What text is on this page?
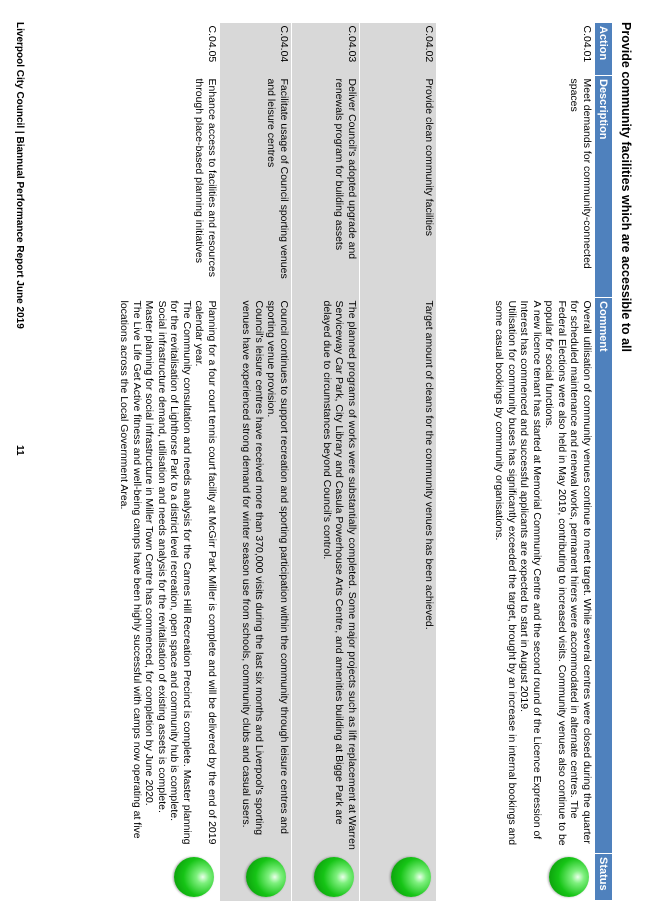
Provide community facilities which are accessible to all
Action	Description	Comment	Status
C.04.01	Meet demands for community-connected spaces	Overall utilisation of community venues continue to meet target. While several centres were closed during the quarter for scheduled maintenance and renewal works, permanent hirers were accommodated in alternate centres. The Federal Elections were also held in May 2019, contributing to increased visits. Community venues also continue to be popular for social functions.
A new licence tenant has started at Memorial Community Centre and the second round of the Licence Expression of Interest has commenced and successful applicants are expected to start in August 2019.
Utilisation for community buses has significantly exceeded the target, brought by an increase in internal bookings and some casual bookings by community organisations.	

C.04.02	Provide clean community facilities	Target amount of cleans for the community venues has been achieved.	

C.04.03	Deliver Council's adopted upgrade and renewals program for building assets	The planned programs of works were substantially completed. Some major projects such as lift replacement at Warren Serviceway Car Park, City Library and Casula Powerhouse Arts Centre, and amenities building at Bigge Park are delayed due to circumstances beyond Council's control.	

C.04.04	Facilitate usage of Council sporting venues and leisure centres	Council continues to support recreation and sporting participation within the community through leisure centres and sporting venue provision.
Council's leisure centres have received more than 370,000 visits during the last six months and Liverpool's sporting venues have experienced strong demand for winter season use from schools, community clubs and casual users.	

C.04.05	Enhance access to facilities and resources through place-based planning initiatives	Planning for a four court tennis court facility at McGirr Park Miller is complete and will be delivered by the end of 2019 calendar year.
The Community consultation and needs analysis for the Carnes Hill Recreation Precinct is complete. Master planning for the revitalisation of Lighthorse Park to a district level recreation, open space and community hub is complete.
Social infrastructure demand, utilisation and needs analysis for the revitalisation of existing assets is complete.
Master planning for social infrastructure in Miller Town Centre has commenced, for completion by June 2020.
The Live Life Get Active fitness and well-being camps have been highly successful with camps now operating at five locations across the Local Government Area.	

Liverpool City Council | Biannual Performance Report June 2019
11
